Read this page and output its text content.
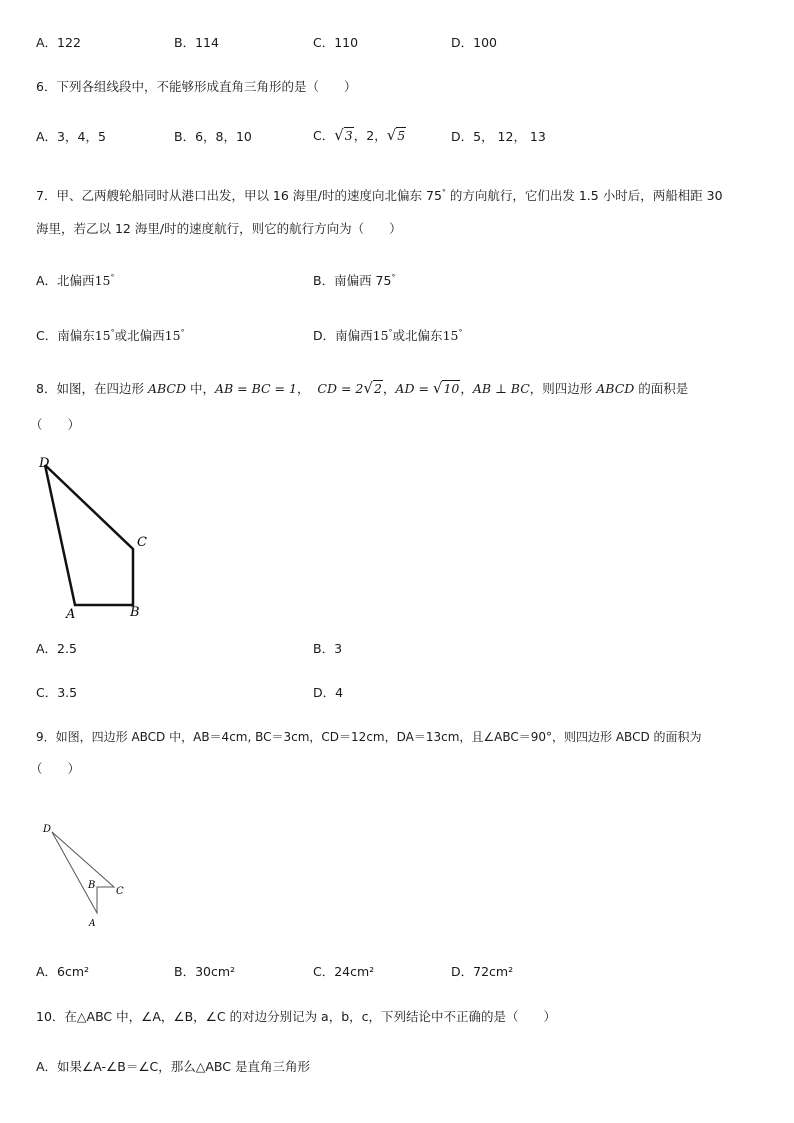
A．122	B．114	C．110	D．100
6．下列各组线段中，不能够形成直角三角形的是（　　）
A．3，4，5	B．6，8，10	C．√3，2，√5	D．5， 12， 13
7．甲、乙两艘轮船同时从港口出发，甲以 16 海里/时的速度向北偏东 75° 的方向航行，它们出发 1.5 小时后，两船相距 30
海里，若乙以 12 海里/时的速度航行，则它的航行方向为（　　）
A．北偏西15°	B．南偏西 75°
C．南偏东15°或北偏西15°	D．南偏西15°或北偏东15°
8．如图，在四边形 ABCD 中，AB = BC = 1， CD = 2√2，AD = √10，AB ⊥ BC，则四边形 ABCD 的面积是
（　　）
D
C
A	B
A．2.5	B．3
C．3.5	D．4
9．如图，四边形 ABCD 中，AB＝4cm, BC＝3cm，CD＝12cm，DA＝13cm，且∠ABC＝90°，则四边形 ABCD 的面积为
（　　）
D
B
C
A
A．6cm²	B．30cm²	C．24cm²	D．72cm²
10．在△ABC 中，∠A，∠B，∠C 的对边分别记为 a，b，c，下列结论中不正确的是（　　）
A．如果∠A-∠B＝∠C，那么△ABC 是直角三角形
